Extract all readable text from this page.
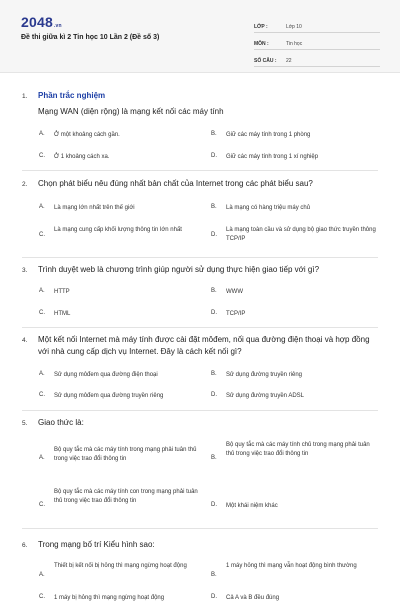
2048.vn
Đề thi giữa kì 2 Tin học 10 Lần 2 (Đề số 3)
LỚP :	Lớp 10
MÔN :	Tin học
SỐ CÂU :	22
1. Phần trắc nghiệm
Mạng WAN (diện rộng) là mạng kết nối các máy tính
A. Ở một khoảng cách gần.	B. Giữ các máy tính trong 1 phòng
C. Ở 1 khoảng cách xa.	D. Giữ các máy tính trong 1 xí nghiệp
2. Chọn phát biểu nêu đúng nhất bản chất của Internet trong các phát biểu sau?
A. Là mạng lớn nhất trên thế giới	B. Là mạng có hàng triệu máy chủ
C.
Là mạng cung cấp khối lượng thông tin lớn nhất
D.
Là mạng toàn cầu và sử dụng bộ giao thức truyền thông TCP/IP
3. Trình duyệt web là chương trình giúp người sử dụng thực hiện giao tiếp với gì?
A. HTTP	B. WWW
C. HTML	D. TCP/IP
4. Một kết nối Internet mà máy tính được cài đặt môđem, nối qua đường điện thoại và hợp đồng với nhà cung cấp dịch vụ Internet. Đây là cách kết nối gì?
A. Sử dụng môđem qua đường điện thoại	B. Sử dụng đường truyền riêng
C. Sử dụng môđem qua đường truyền riêng	D. Sử dụng đường truyền ADSL
5. Giao thức là:
A.
Bộ quy tắc mà các máy tính trong mạng phải tuân thủ trong việc trao đổi thông tin	B.
Bộ quy tắc mà các máy tính chủ trong mạng phải tuân thủ trong việc trao đổi thông tin
C.
Bộ quy tắc mà các máy tính con trong mạng phải tuân thủ trong việc trao đổi thông tin
D. Một khái niệm khác
6. Trong mạng bố trí Kiểu hình sao:
A.
Thiết bị kết nối bị hỏng thì mạng ngừng hoạt động
B.
1 máy hỏng thì mạng vẫn hoạt động bình thường
C. 1 máy bị hỏng thì mạng ngừng hoạt động	D. Cả A và B đều đúng
